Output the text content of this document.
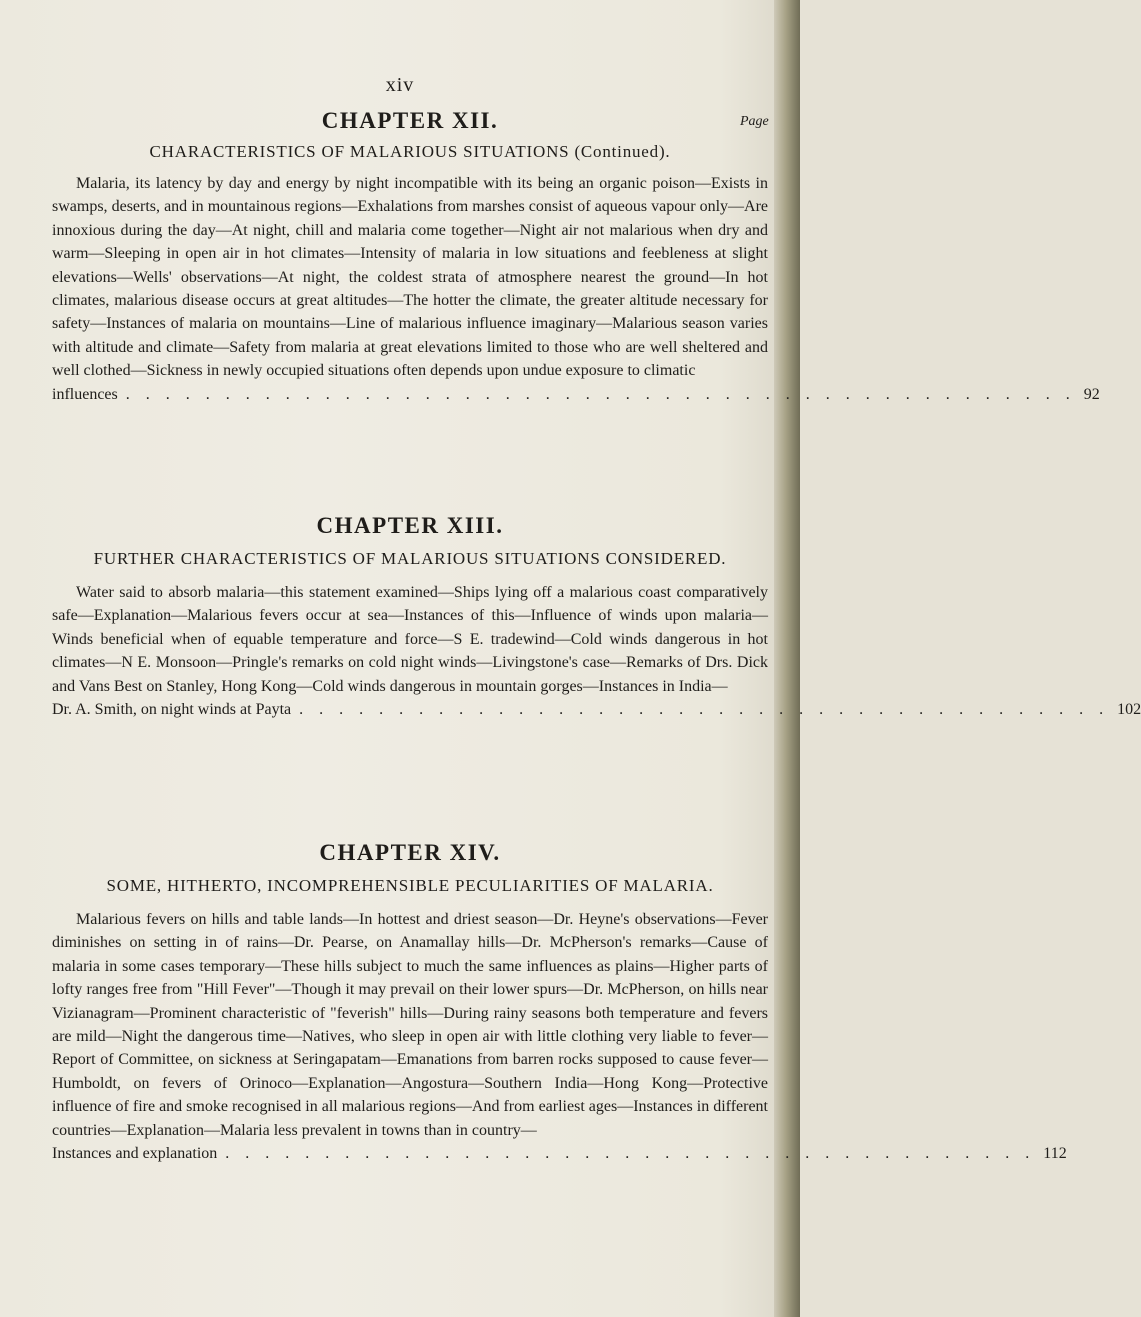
xiv
Page
CHAPTER XII.
CHARACTERISTICS OF MALARIOUS SITUATIONS (Continued).

Malaria, its latency by day and energy by night incompatible with its being an organic poison—Exists in swamps, deserts, and in mountainous regions—Exhalations from marshes consist of aqueous vapour only—Are innoxious during the day—At night, chill and malaria come together—Night air not malarious when dry and warm—Sleeping in open air in hot climates—Intensity of malaria in low situations and feebleness at slight elevations—Wells' observations—At night, the coldest strata of atmosphere nearest the ground—In hot climates, malarious disease occurs at great altitudes—The hotter the climate, the greater altitude necessary for safety—Instances of malaria on mountains—Line of malarious influence imaginary—Malarious season varies with altitude and climate—Safety from malaria at great elevations limited to those who are well sheltered and well clothed—Sickness in newly occupied situations often depends upon undue exposure to climatic

influences . . . . . . . . . . . . . . . . . . . . . . . . . . . . . . . . . . . . . . . . . . . . . . . . 92
CHAPTER XIII.
FURTHER CHARACTERISTICS OF MALARIOUS SITUATIONS CONSIDERED.

Water said to absorb malaria—this statement examined—Ships lying off a malarious coast comparatively safe—Explanation—Malarious fevers occur at sea—Instances of this—Influence of winds upon malaria—Winds beneficial when of equable temperature and force—S E. tradewind—Cold winds dangerous in hot climates—N E. Monsoon—Pringle's remarks on cold night winds—Livingstone's case—Remarks of Drs. Dick and Vans Best on Stanley, Hong Kong—Cold winds dangerous in mountain gorges—Instances in India—

Dr. A. Smith, on night winds at Payta . . . . . . . . . . . . . . . . . . . . . . . . . . . . . . . . . . . . . . . . . 102
CHAPTER XIV.
SOME, HITHERTO, INCOMPREHENSIBLE PECULIARITIES OF MALARIA.

Malarious fevers on hills and table lands—In hottest and driest season—Dr. Heyne's observations—Fever diminishes on setting in of rains—Dr. Pearse, on Anamallay hills—Dr. McPherson's remarks—Cause of malaria in some cases temporary—These hills subject to much the same influences as plains—Higher parts of lofty ranges free from "Hill Fever"—Though it may prevail on their lower spurs—Dr. McPherson, on hills near Vizianagram—Prominent characteristic of "feverish" hills—During rainy seasons both temperature and fevers are mild—Night the dangerous time—Natives, who sleep in open air with little clothing very liable to fever—Report of Committee, on sickness at Seringapatam—Emanations from barren rocks supposed to cause fever—Humboldt, on fevers of Orinoco—Explanation—Angostura—Southern India—Hong Kong—Protective influence of fire and smoke recognised in all malarious regions—And from earliest ages—Instances in different countries—Explanation—Malaria less prevalent in towns than in country—

Instances and explanation . . . . . . . . . . . . . . . . . . . . . . . . . . . . . . . . . . . . . . . . . 112
